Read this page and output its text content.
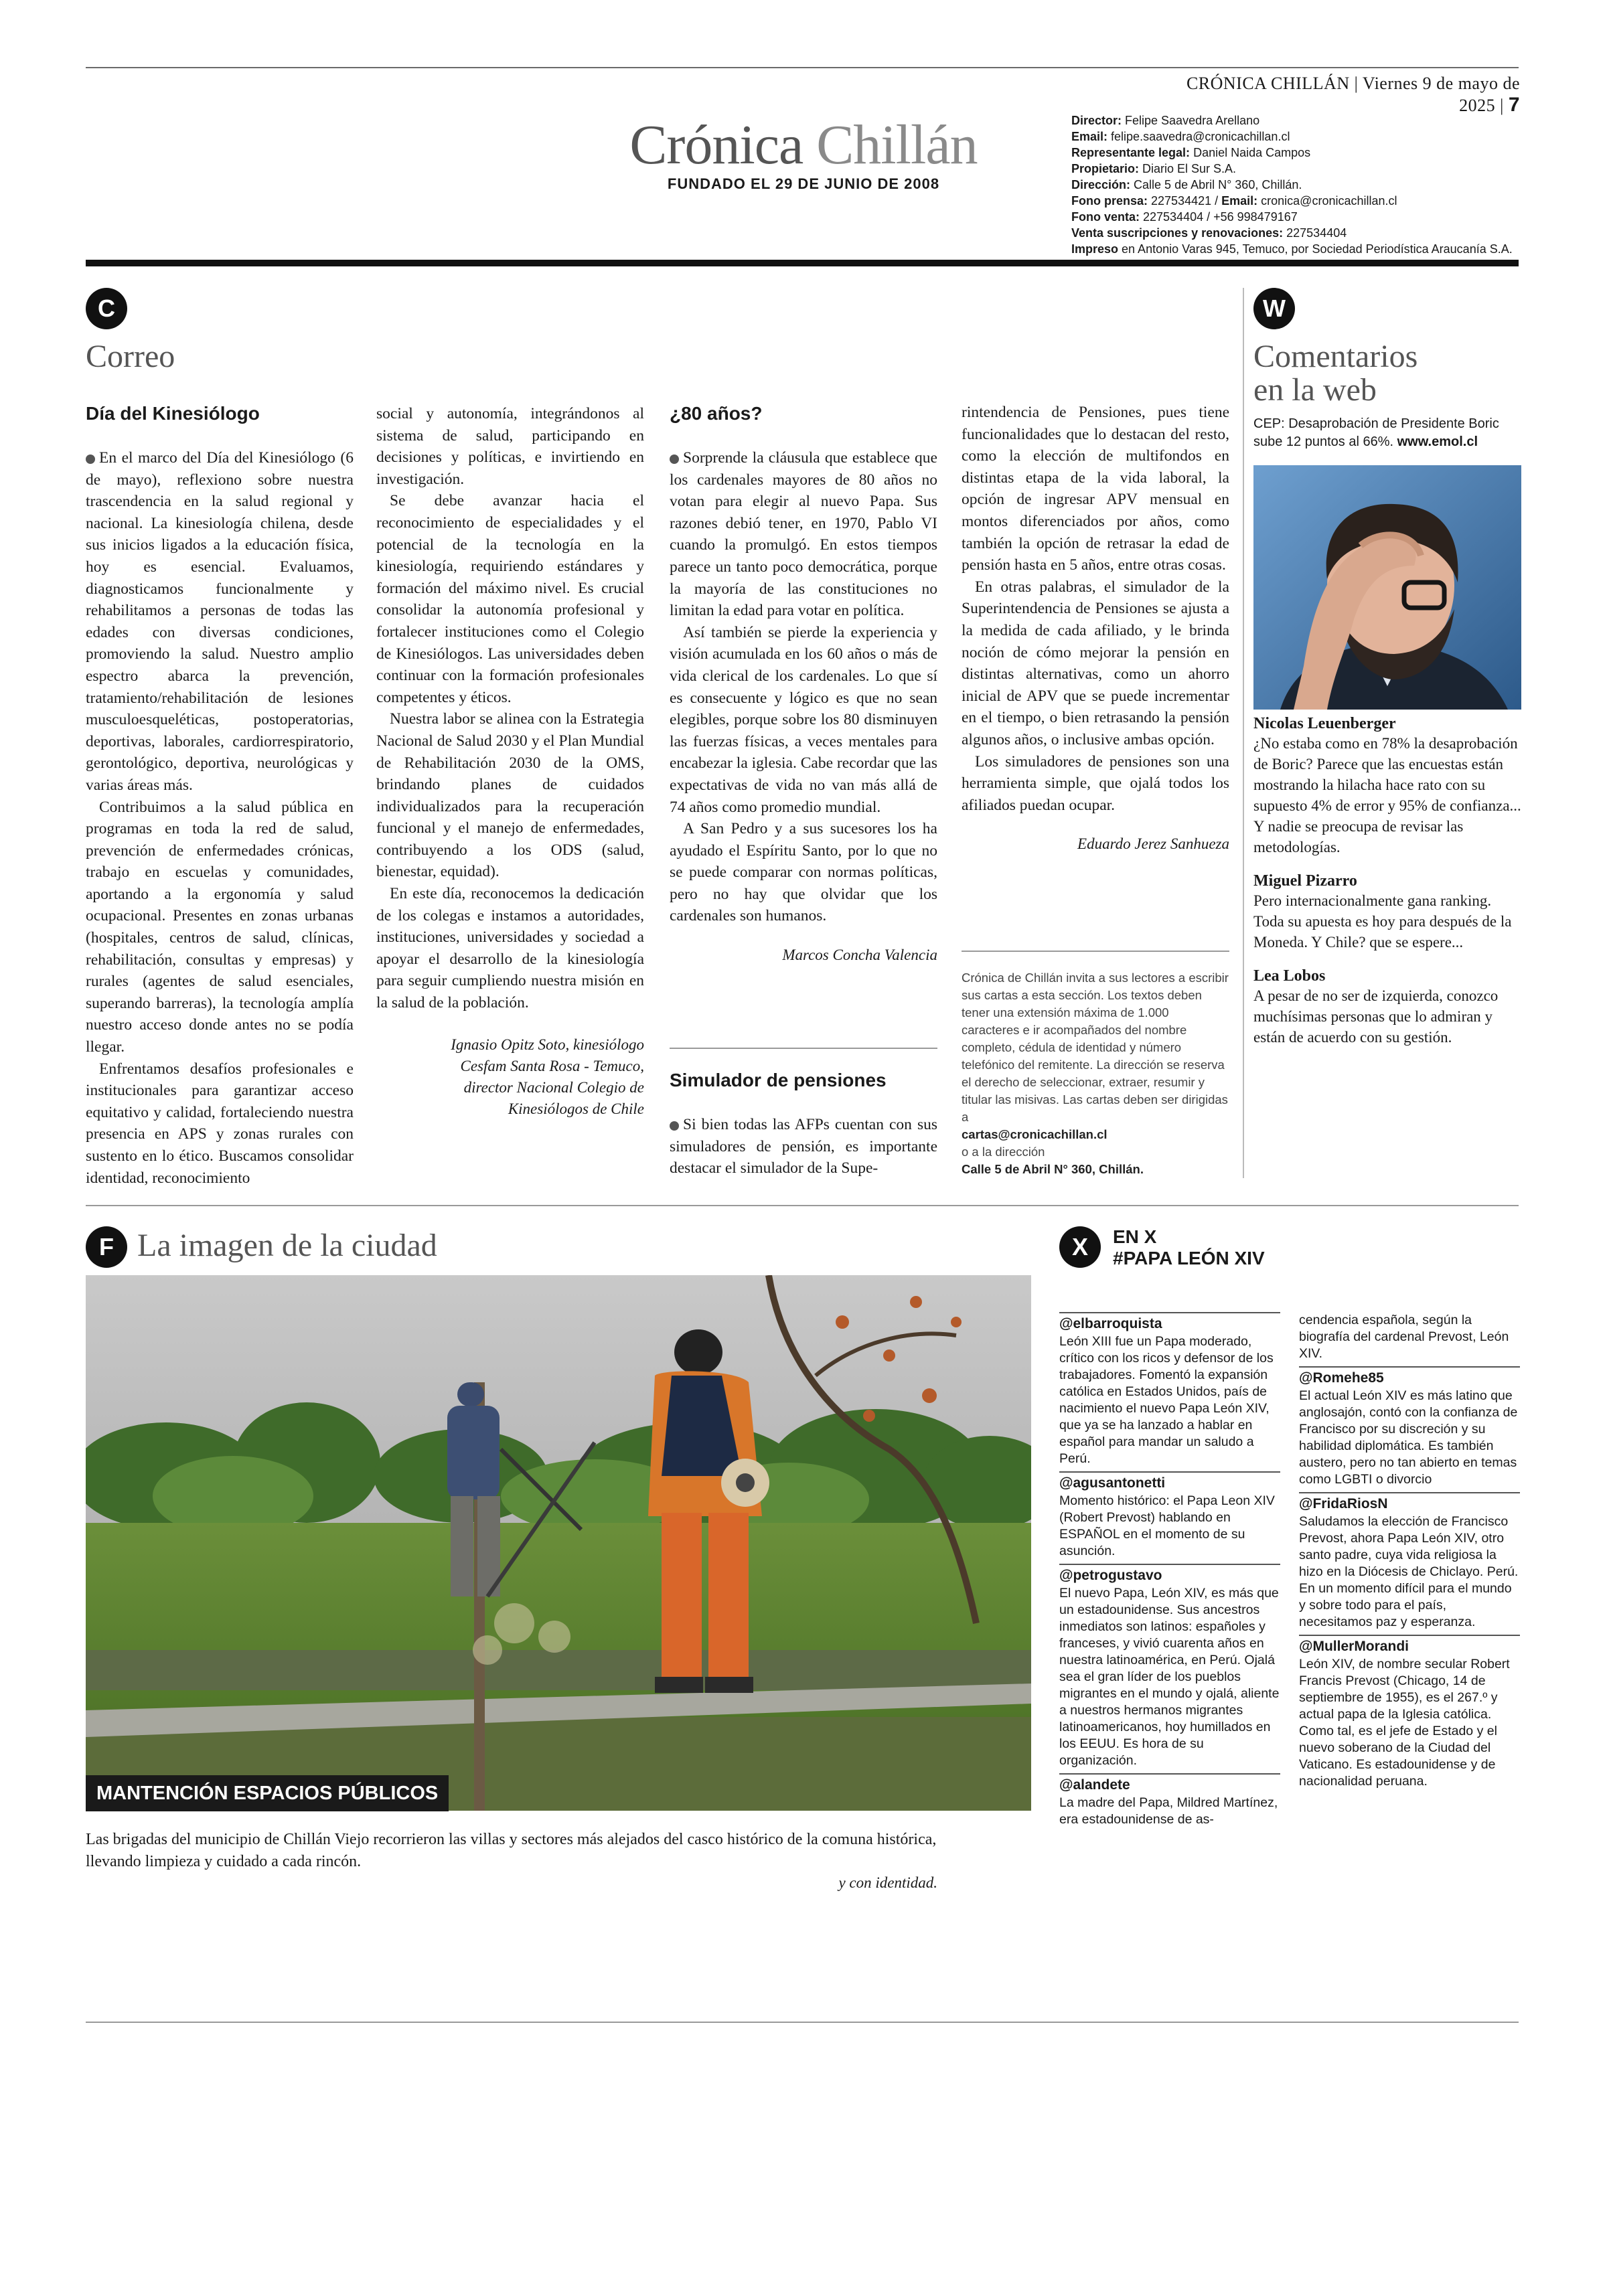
CRÓNICA CHILLÁN | Viernes 9 de mayo de 2025 | 7
Crónica Chillán
FUNDADO EL 29 DE JUNIO DE 2008
Director: Felipe Saavedra Arellano
Email: felipe.saavedra@cronicachillan.cl
Representante legal: Daniel Naida Campos
Propietario: Diario El Sur S.A.
Dirección: Calle 5 de Abril N° 360, Chillán.
Fono prensa: 227534421 / Email: cronica@cronicachillan.cl
Fono venta: 227534404 / +56 998479167
Venta suscripciones y renovaciones: 227534404
Impreso en Antonio Varas 945, Temuco, por Sociedad Periodística Araucanía S.A.
C
Correo
Día del Kinesiólogo

En el marco del Día del Kinesiólogo (6 de mayo), reflexiono sobre nuestra trascendencia en la salud regional y nacional. La kinesiología chilena, desde sus inicios ligados a la educación física, hoy es esencial. Evaluamos, diagnosticamos funcionalmente y rehabilitamos a personas de todas las edades con diversas condiciones, promoviendo la salud. Nuestro amplio espectro abarca la prevención, tratamiento/rehabilitación de lesiones musculoesqueléticas, postoperatorias, deportivas, laborales, cardiorrespiratorio, gerontológico, deportiva, neurológicas y varias áreas más.

Contribuimos a la salud pública en programas en toda la red de salud, prevención de enfermedades crónicas, trabajo en escuelas y comunidades, aportando a la ergonomía y salud ocupacional. Presentes en zonas urbanas (hospitales, centros de salud, clínicas, rehabilitación, consultas y empresas) y rurales (agentes de salud esenciales, superando barreras), la tecnología amplía nuestro acceso donde antes no se podía llegar.

Enfrentamos desafíos profesionales e institucionales para garantizar acceso equitativo y calidad, fortaleciendo nuestra presencia en APS y zonas rurales con sustento en lo ético. Buscamos consolidar identidad, reconocimiento

social y autonomía, integrándonos al sistema de salud, participando en decisiones y políticas, e invirtiendo en investigación.

Se debe avanzar hacia el reconocimiento de especialidades y el potencial de la tecnología en la kinesiología, requiriendo estándares y formación del máximo nivel. Es crucial consolidar la autonomía profesional y fortalecer instituciones como el Colegio de Kinesiólogos. Las universidades deben continuar con la formación profesionales competentes y éticos.

Nuestra labor se alinea con la Estrategia Nacional de Salud 2030 y el Plan Mundial de Rehabilitación 2030 de la OMS, brindando planes de cuidados individualizados para la recuperación funcional y el manejo de enfermedades, contribuyendo a los ODS (salud, bienestar, equidad).

En este día, reconocemos la dedicación de los colegas e instamos a autoridades, instituciones, universidades y sociedad a apoyar el desarrollo de la kinesiología para seguir cumpliendo nuestra misión en la salud de la población.

Ignasio Opitz Soto, kinesiólogo
Cesfam Santa Rosa - Temuco,
director Nacional Colegio de
Kinesiólogos de Chile
¿80 años?

Sorprende la cláusula que establece que los cardenales mayores de 80 años no votan para elegir al nuevo Papa. Sus razones debió tener, en 1970, Pablo VI cuando la promulgó. En estos tiempos parece un tanto poco democrática, porque la mayoría de las constituciones no limitan la edad para votar en política.

Así también se pierde la experiencia y visión acumulada en los 60 años o más de vida clerical de los cardenales. Lo que sí es consecuente y lógico es que no sean elegibles, porque sobre los 80 disminuyen las fuerzas físicas, a veces mentales para encabezar la iglesia. Cabe recordar que las expectativas de vida no van más allá de 74 años como promedio mundial.

A San Pedro y a sus sucesores los ha ayudado el Espíritu Santo, por lo que no se puede comparar con normas políticas, pero no hay que olvidar que los cardenales son humanos.

Marcos Concha Valencia
Simulador de pensiones

Si bien todas las AFPs cuentan con sus simuladores de pensión, es importante destacar el simulador de la Supe-

rintendencia de Pensiones, pues tiene funcionalidades que lo destacan del resto, como la elección de multifondos en distintas etapa de la vida laboral, la opción de ingresar APV mensual en montos diferenciados por años, como también la opción de retrasar la edad de pensión hasta en 5 años, entre otras cosas.

En otras palabras, el simulador de la Superintendencia de Pensiones se ajusta a la medida de cada afiliado, y le brinda noción de cómo mejorar la pensión en distintas alternativas, como un ahorro inicial de APV que se puede incrementar en el tiempo, o bien retrasando la pensión algunos años, o inclusive ambas opción.

Los simuladores de pensiones son una herramienta simple, que ojalá todos los afiliados puedan ocupar.

Eduardo Jerez Sanhueza
Crónica de Chillán invita a sus lectores a escribir sus cartas a esta sección. Los textos deben tener una extensión máxima de 1.000 caracteres e ir acompañados del nombre completo, cédula de identidad y número telefónico del remitente. La dirección se reserva el derecho de seleccionar, extraer, resumir y titular las misivas. Las cartas deben ser dirigidas a
cartas@cronicachillan.cl
o a la dirección
Calle 5 de Abril N° 360, Chillán.
W
Comentarios
en la web
CEP: Desaprobación de Presidente Boric sube 12 puntos al 66%. www.emol.cl
Nicolas Leuenberger
¿No estaba como en 78% la desaprobación de Boric? Parece que las encuestas están mostrando la hilacha hace rato con su supuesto 4% de error y 95% de confianza... Y nadie se preocupa de revisar las metodologías.
Miguel Pizarro
Pero internacionalmente gana ranking. Toda su apuesta es hoy para después de la Moneda. Y Chile? que se espere...
Lea Lobos
A pesar de no ser de izquierda, conozco muchísimas personas que lo admiran y están de acuerdo con su gestión.
F La imagen de la ciudad
MANTENCIÓN ESPACIOS PÚBLICOS
Las brigadas del municipio de Chillán Viejo recorrieron las villas y sectores más alejados del casco histórico de la comuna histórica, llevando limpieza y cuidado a cada rincón.
y con identidad.
X	EN X
#PAPA LEÓN XIV
@elbarroquista
León XIII fue un Papa moderado, crítico con los ricos y defensor de los trabajadores. Fomentó la expansión católica en Estados Unidos, país de nacimiento el nuevo Papa León XIV, que ya se ha lanzado a hablar en español para mandar un saludo a Perú.
@agusantonetti
Momento histórico: el Papa Leon XIV (Robert Prevost) hablando en ESPAÑOL en el momento de su asunción.
@petrogustavo
El nuevo Papa, León XIV, es más que un estadounidense. Sus ancestros inmediatos son latinos: españoles y franceses, y vivió cuarenta años en nuestra latinoamérica, en Perú. Ojalá sea el gran líder de los pueblos migrantes en el mundo y ojalá, aliente a nuestros hermanos migrantes latinoamericanos, hoy humillados en los EEUU. Es hora de su organización.
@alandete
La madre del Papa, Mildred Martínez, era estadounidense de as-
cendencia española, según la biografía del cardenal Prevost, León XIV.
@Romehe85
El actual León XIV es más latino que anglosajón, contó con la confianza de Francisco por su discreción y su habilidad diplomática. Es también austero, pero no tan abierto en temas como LGBTI o divorcio
@FridaRiosN
Saludamos la elección de Francisco Prevost, ahora Papa León XIV, otro santo padre, cuya vida religiosa la hizo en la Diócesis de Chiclayo. Perú. En un momento difícil para el mundo y sobre todo para el país, necesitamos paz y esperanza.
@MullerMorandi
León XIV, de nombre secular Robert Francis Prevost (Chicago, 14 de septiembre de 1955), es el 267.º y actual papa de la Iglesia católica. Como tal, es el jefe de Estado y el nuevo soberano de la Ciudad del Vaticano. Es estadounidense y de nacionalidad peruana.
